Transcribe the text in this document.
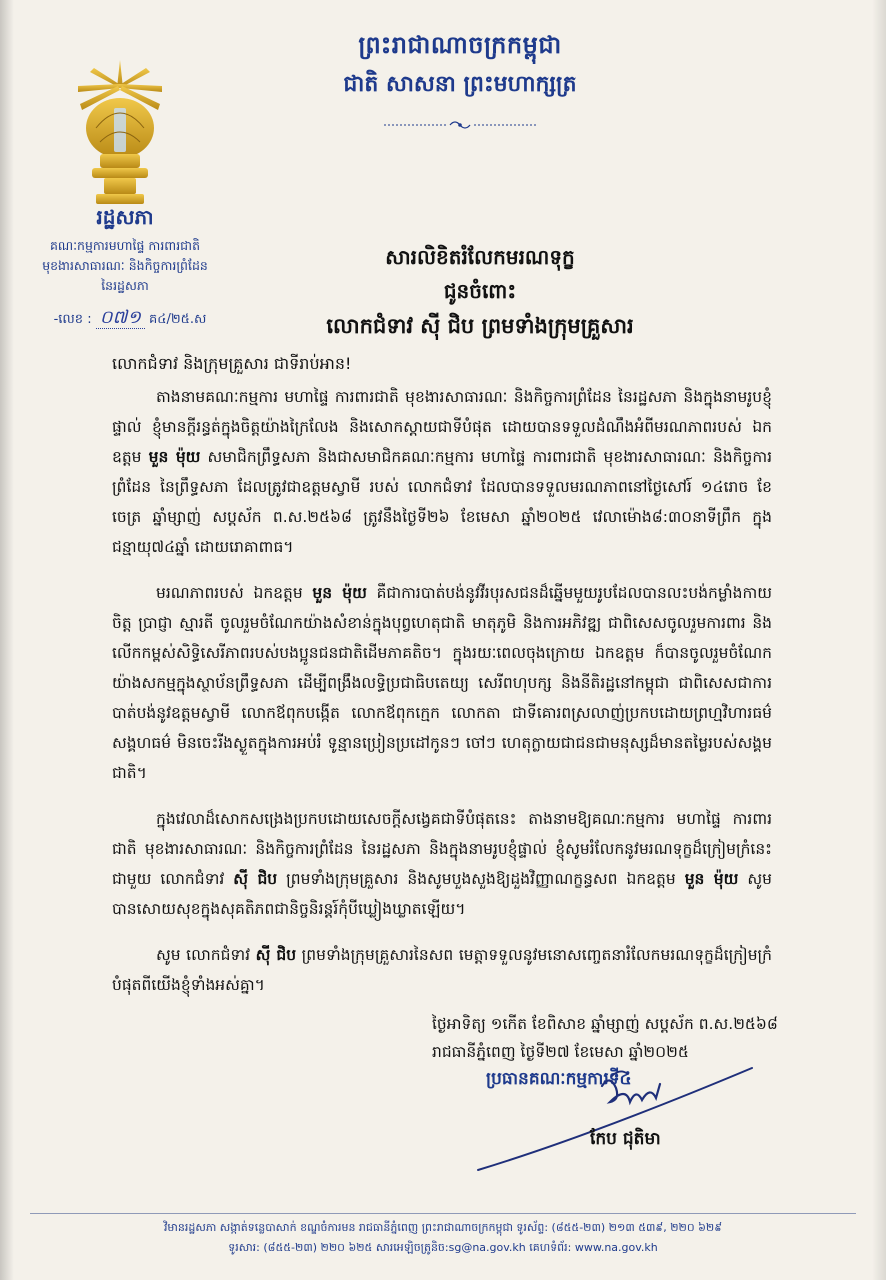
ព្រះរាជាណាចក្រកម្ពុជា
ជាតិ សាសនា ព្រះមហាក្សត្រ
រដ្ឋសភា
គណៈកម្មការមហាផ្ទៃ ការពារជាតិ
មុខងារសាធារណៈ និងកិច្ចការព្រំដែន
នៃរដ្ឋសភា
-លេខ : ០៧១ គ៤/២៥.ស
សារលិខិតរំលែកមរណទុក្ខ
ជូនចំពោះ
លោកជំទាវ ស៊ី ជិប ព្រមទាំងក្រុមគ្រួសារ
លោកជំទាវ និងក្រុមគ្រួសារ ជាទីរាប់អាន!

តាងនាមគណៈកម្មការ មហាផ្ទៃ ការពារជាតិ មុខងារសាធារណៈ និងកិច្ចការព្រំដែន នៃរដ្ឋសភា និងក្នុងនាមរូបខ្ញុំផ្ទាល់ ខ្ញុំមានក្តីរន្ធត់ក្នុងចិត្តយ៉ាងក្រៃលែង និងសោកស្តាយជាទីបំផុត ដោយបានទទួលដំណឹងអំពីមរណភាពរបស់ ឯកឧត្តម មួន ម៉ុយ សមាជិកព្រឹទ្ធសភា និងជាសមាជិកគណៈកម្មការ មហាផ្ទៃ ការពារជាតិ មុខងារសាធារណៈ និងកិច្ចការព្រំដែន នៃព្រឹទ្ធសភា ដែលត្រូវជាឧត្តមស្វាមី របស់ លោកជំទាវ ដែលបានទទួលមរណភាពនៅថ្ងៃសៅរ៍ ១៤រោច ខែចេត្រ ឆ្នាំម្សាញ់ សប្តស័ក ព.ស.២៥៦៨ ត្រូវនឹងថ្ងៃទី២៦ ខែមេសា ឆ្នាំ២០២៥ វេលាម៉ោង៨:៣០នាទីព្រឹក ក្នុងជន្មាយុ៧៤ឆ្នាំ ដោយរោគាពាធ។

មរណភាពរបស់ ឯកឧត្តម មួន ម៉ុយ គឺជាការបាត់បង់នូវវីរបុរសជនដ៏ឆ្នើមមួយរូបដែលបានលះបង់កម្លាំងកាយចិត្ត ប្រាជ្ញា ស្មារតី ចូលរួមចំណែកយ៉ាងសំខាន់ក្នុងបុព្វហេតុជាតិ មាតុភូមិ និងការអភិវឌ្ឍ ជាពិសេសចូលរួមការពារ និងលើកកម្ពស់សិទ្ធិសេរីភាពរបស់បងប្អូនជនជាតិដើមភាគតិច។ ក្នុងរយៈពេលចុងក្រោយ ឯកឧត្តម ក៏បានចូលរួមចំណែកយ៉ាងសកម្មក្នុងស្ថាប័នព្រឹទ្ធសភា ដើម្បីពង្រឹងលទ្ធិប្រជាធិបតេយ្យ សេរីពហុបក្ស និងនីតិរដ្ឋនៅកម្ពុជា ជាពិសេសជាការបាត់បង់នូវឧត្តមស្វាមី លោកឪពុកបង្កើត លោកឪពុកក្មេក លោកតា ជាទីគោរពស្រលាញ់ប្រកបដោយព្រហ្មវិហារធម៌ សង្គហធម៌ មិនចេះរីងស្ងួតក្នុងការអប់រំ ទូន្មានប្រៀនប្រដៅកូនៗ ចៅៗ ហេតុក្លាយជាជនជាមនុស្សដ៏មានតម្លៃរបស់សង្គមជាតិ។

ក្នុងវេលាដ៏សោកសង្រេងប្រកបដោយសេចក្តីសង្វេគជាទីបំផុតនេះ តាងនាមឱ្យគណៈកម្មការ មហាផ្ទៃ ការពារជាតិ មុខងារសាធារណៈ និងកិច្ចការព្រំដែន នៃរដ្ឋសភា និងក្នុងនាមរូបខ្ញុំផ្ទាល់ ខ្ញុំសូមរំលែកនូវមរណទុក្ខដ៏ក្រៀមក្រំនេះជាមួយ លោកជំទាវ ស៊ី ជិប ព្រមទាំងក្រុមគ្រួសារ និងសូមបួងសួងឱ្យដួងវិញ្ញាណក្ខន្ធសព ឯកឧត្តម មួន ម៉ុយ សូមបានសោយសុខក្នុងសុគតិភពជានិច្ចនិរន្តរ៍កុំបីឃ្លៀងឃ្លាតឡើយ។

សូម លោកជំទាវ ស៊ី ជិប ព្រមទាំងក្រុមគ្រួសារនៃសព មេត្តាទទួលនូវមនោសញ្ចេតនារំលែកមរណទុក្ខដ៏ក្រៀមក្រំបំផុតពីយើងខ្ញុំទាំងអស់គ្នា។

ថ្ងៃអាទិត្យ ១កើត ខែពិសាខ ឆ្នាំម្សាញ់ សប្តស័ក ព.ស.២៥៦៨
រាជធានីភ្នំពេញ ថ្ងៃទី២៧ ខែមេសា ឆ្នាំ២០២៥
ប្រធានគណៈកម្មការទី៤
កែប ជុតិមា
វិមានរដ្ឋសភា សង្កាត់ទន្លេបាសាក់ ខណ្ឌចំការមន រាជធានីភ្នំពេញ ព្រះរាជាណាចក្រកម្ពុជា ទូរស័ព្ទ: (៨៥៥-២៣) ២១៣ ៥៣៩, ២២០ ៦២៩
ទូរសារ: (៨៥៥-២៣) ២២០ ៦២៥ សារអេឡិចត្រូនិច:sg@na.gov.kh គេហទំព័រ: www.na.gov.kh
